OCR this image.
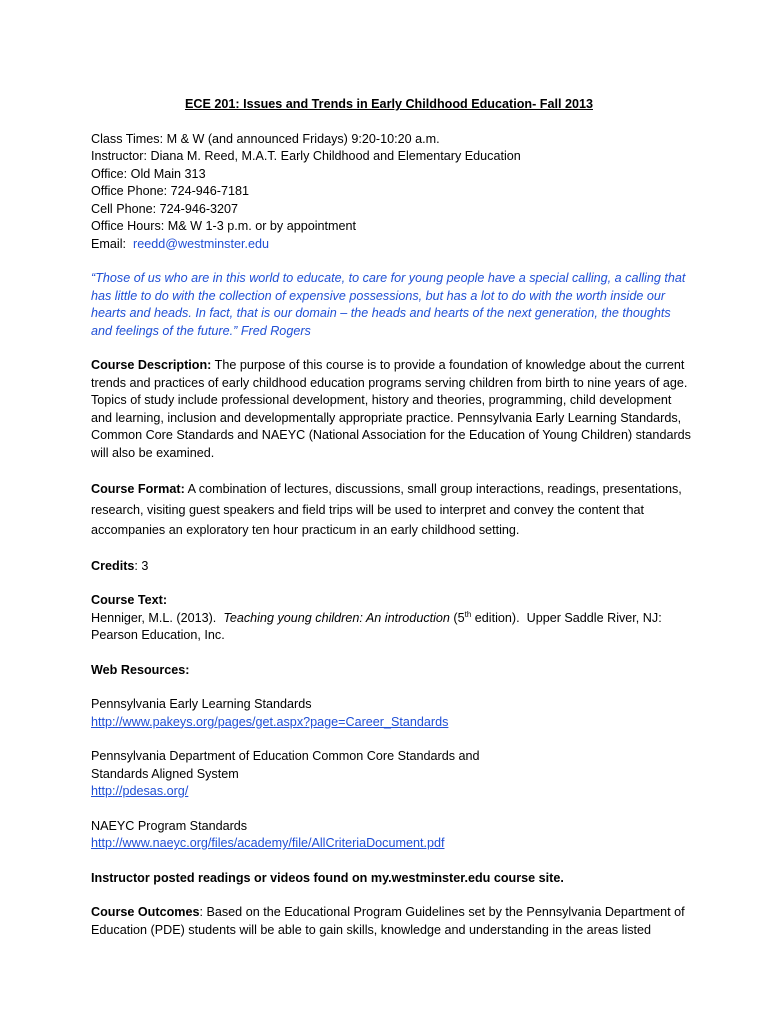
ECE 201: Issues and Trends in Early Childhood Education- Fall 2013
Class Times: M & W (and announced Fridays) 9:20-10:20 a.m.
Instructor: Diana M. Reed, M.A.T. Early Childhood and Elementary Education
Office: Old Main 313
Office Phone: 724-946-7181
Cell Phone: 724-946-3207
Office Hours: M& W 1-3 p.m. or by appointment
Email:  reedd@westminster.edu
“Those of us who are in this world to educate, to care for young people have a special calling, a calling that has little to do with the collection of expensive possessions, but has a lot to do with the worth inside our hearts and heads. In fact, that is our domain – the heads and hearts of the next generation, the thoughts and feelings of the future.” Fred Rogers
Course Description: The purpose of this course is to provide a foundation of knowledge about the current trends and practices of early childhood education programs serving children from birth to nine years of age. Topics of study include professional development, history and theories, programming, child development and learning, inclusion and developmentally appropriate practice. Pennsylvania Early Learning Standards, Common Core Standards and NAEYC (National Association for the Education of Young Children) standards will also be examined.
Course Format: A combination of lectures, discussions, small group interactions, readings, presentations, research, visiting guest speakers and field trips will be used to interpret and convey the content that accompanies an exploratory ten hour practicum in an early childhood setting.
Credits: 3
Course Text:
Henniger, M.L. (2013).  Teaching young children: An introduction (5th edition).  Upper Saddle River, NJ:
Pearson Education, Inc.
Web Resources:
Pennsylvania Early Learning Standards
http://www.pakeys.org/pages/get.aspx?page=Career_Standards
Pennsylvania Department of Education Common Core Standards and
Standards Aligned System
http://pdesas.org/
NAEYC Program Standards
http://www.naeyc.org/files/academy/file/AllCriteriaDocument.pdf
Instructor posted readings or videos found on my.westminster.edu course site.
Course Outcomes: Based on the Educational Program Guidelines set by the Pennsylvania Department of Education (PDE) students will be able to gain skills, knowledge and understanding in the areas listed
